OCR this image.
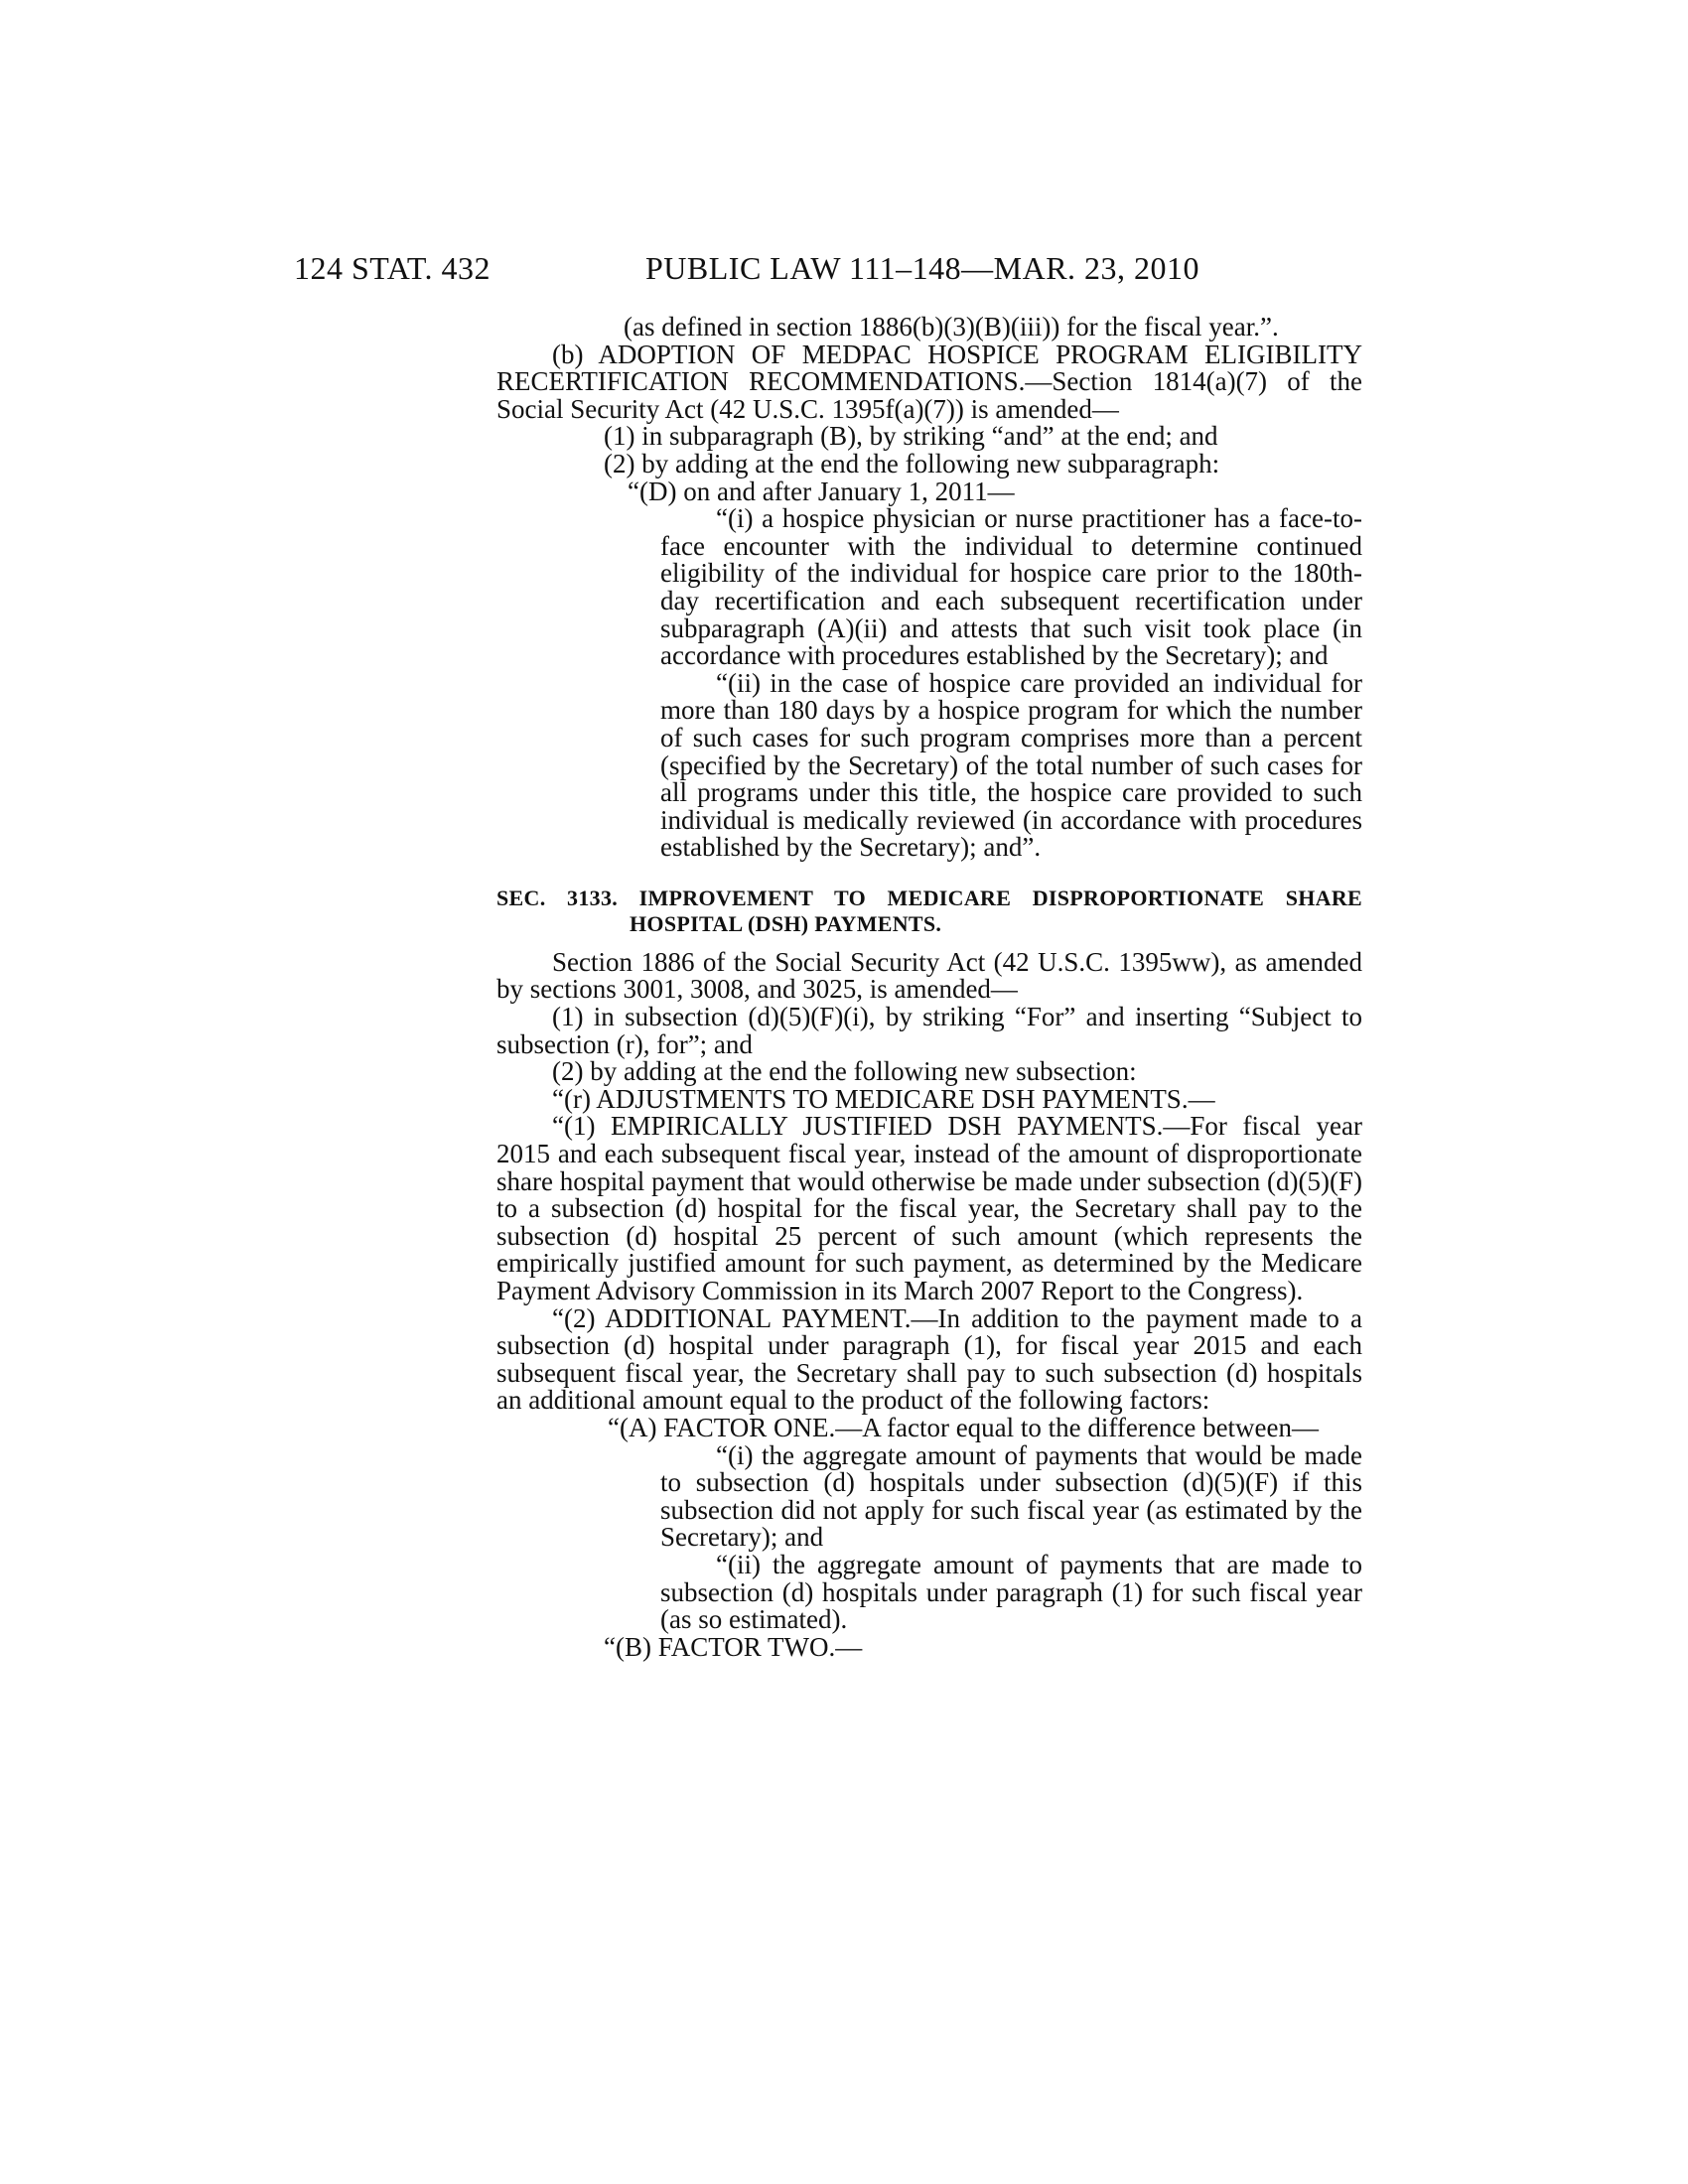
124 STAT. 432	PUBLIC LAW 111–148—MAR. 23, 2010

(as defined in section 1886(b)(3)(B)(iii)) for the fiscal year.”.

(b) ADOPTION OF MEDPAC HOSPICE PROGRAM ELIGIBILITY RECERTIFICATION RECOMMENDATIONS.—Section 1814(a)(7) of the Social Security Act (42 U.S.C. 1395f(a)(7)) is amended—

(1) in subparagraph (B), by striking “and” at the end; and

(2) by adding at the end the following new subparagraph:

“(D) on and after January 1, 2011—

“(i) a hospice physician or nurse practitioner has a face-to-face encounter with the individual to determine continued eligibility of the individual for hospice care prior to the 180th-day recertification and each subsequent recertification under subparagraph (A)(ii) and attests that such visit took place (in accordance with procedures established by the Secretary); and

“(ii) in the case of hospice care provided an individual for more than 180 days by a hospice program for which the number of such cases for such program comprises more than a percent (specified by the Secretary) of the total number of such cases for all programs under this title, the hospice care provided to such individual is medically reviewed (in accordance with procedures established by the Secretary); and”.

SEC. 3133. IMPROVEMENT TO MEDICARE DISPROPORTIONATE SHARE HOSPITAL (DSH) PAYMENTS.

Section 1886 of the Social Security Act (42 U.S.C. 1395ww), as amended by sections 3001, 3008, and 3025, is amended—

(1) in subsection (d)(5)(F)(i), by striking “For” and inserting “Subject to subsection (r), for”; and

(2) by adding at the end the following new subsection:

“(r) ADJUSTMENTS TO MEDICARE DSH PAYMENTS.—

“(1) EMPIRICALLY JUSTIFIED DSH PAYMENTS.—For fiscal year 2015 and each subsequent fiscal year, instead of the amount of disproportionate share hospital payment that would otherwise be made under subsection (d)(5)(F) to a subsection (d) hospital for the fiscal year, the Secretary shall pay to the subsection (d) hospital 25 percent of such amount (which represents the empirically justified amount for such payment, as determined by the Medicare Payment Advisory Commission in its March 2007 Report to the Congress).

“(2) ADDITIONAL PAYMENT.—In addition to the payment made to a subsection (d) hospital under paragraph (1), for fiscal year 2015 and each subsequent fiscal year, the Secretary shall pay to such subsection (d) hospitals an additional amount equal to the product of the following factors:

“(A) FACTOR ONE.—A factor equal to the difference between—

“(i) the aggregate amount of payments that would be made to subsection (d) hospitals under subsection (d)(5)(F) if this subsection did not apply for such fiscal year (as estimated by the Secretary); and

“(ii) the aggregate amount of payments that are made to subsection (d) hospitals under paragraph (1) for such fiscal year (as so estimated).

“(B) FACTOR TWO.—
